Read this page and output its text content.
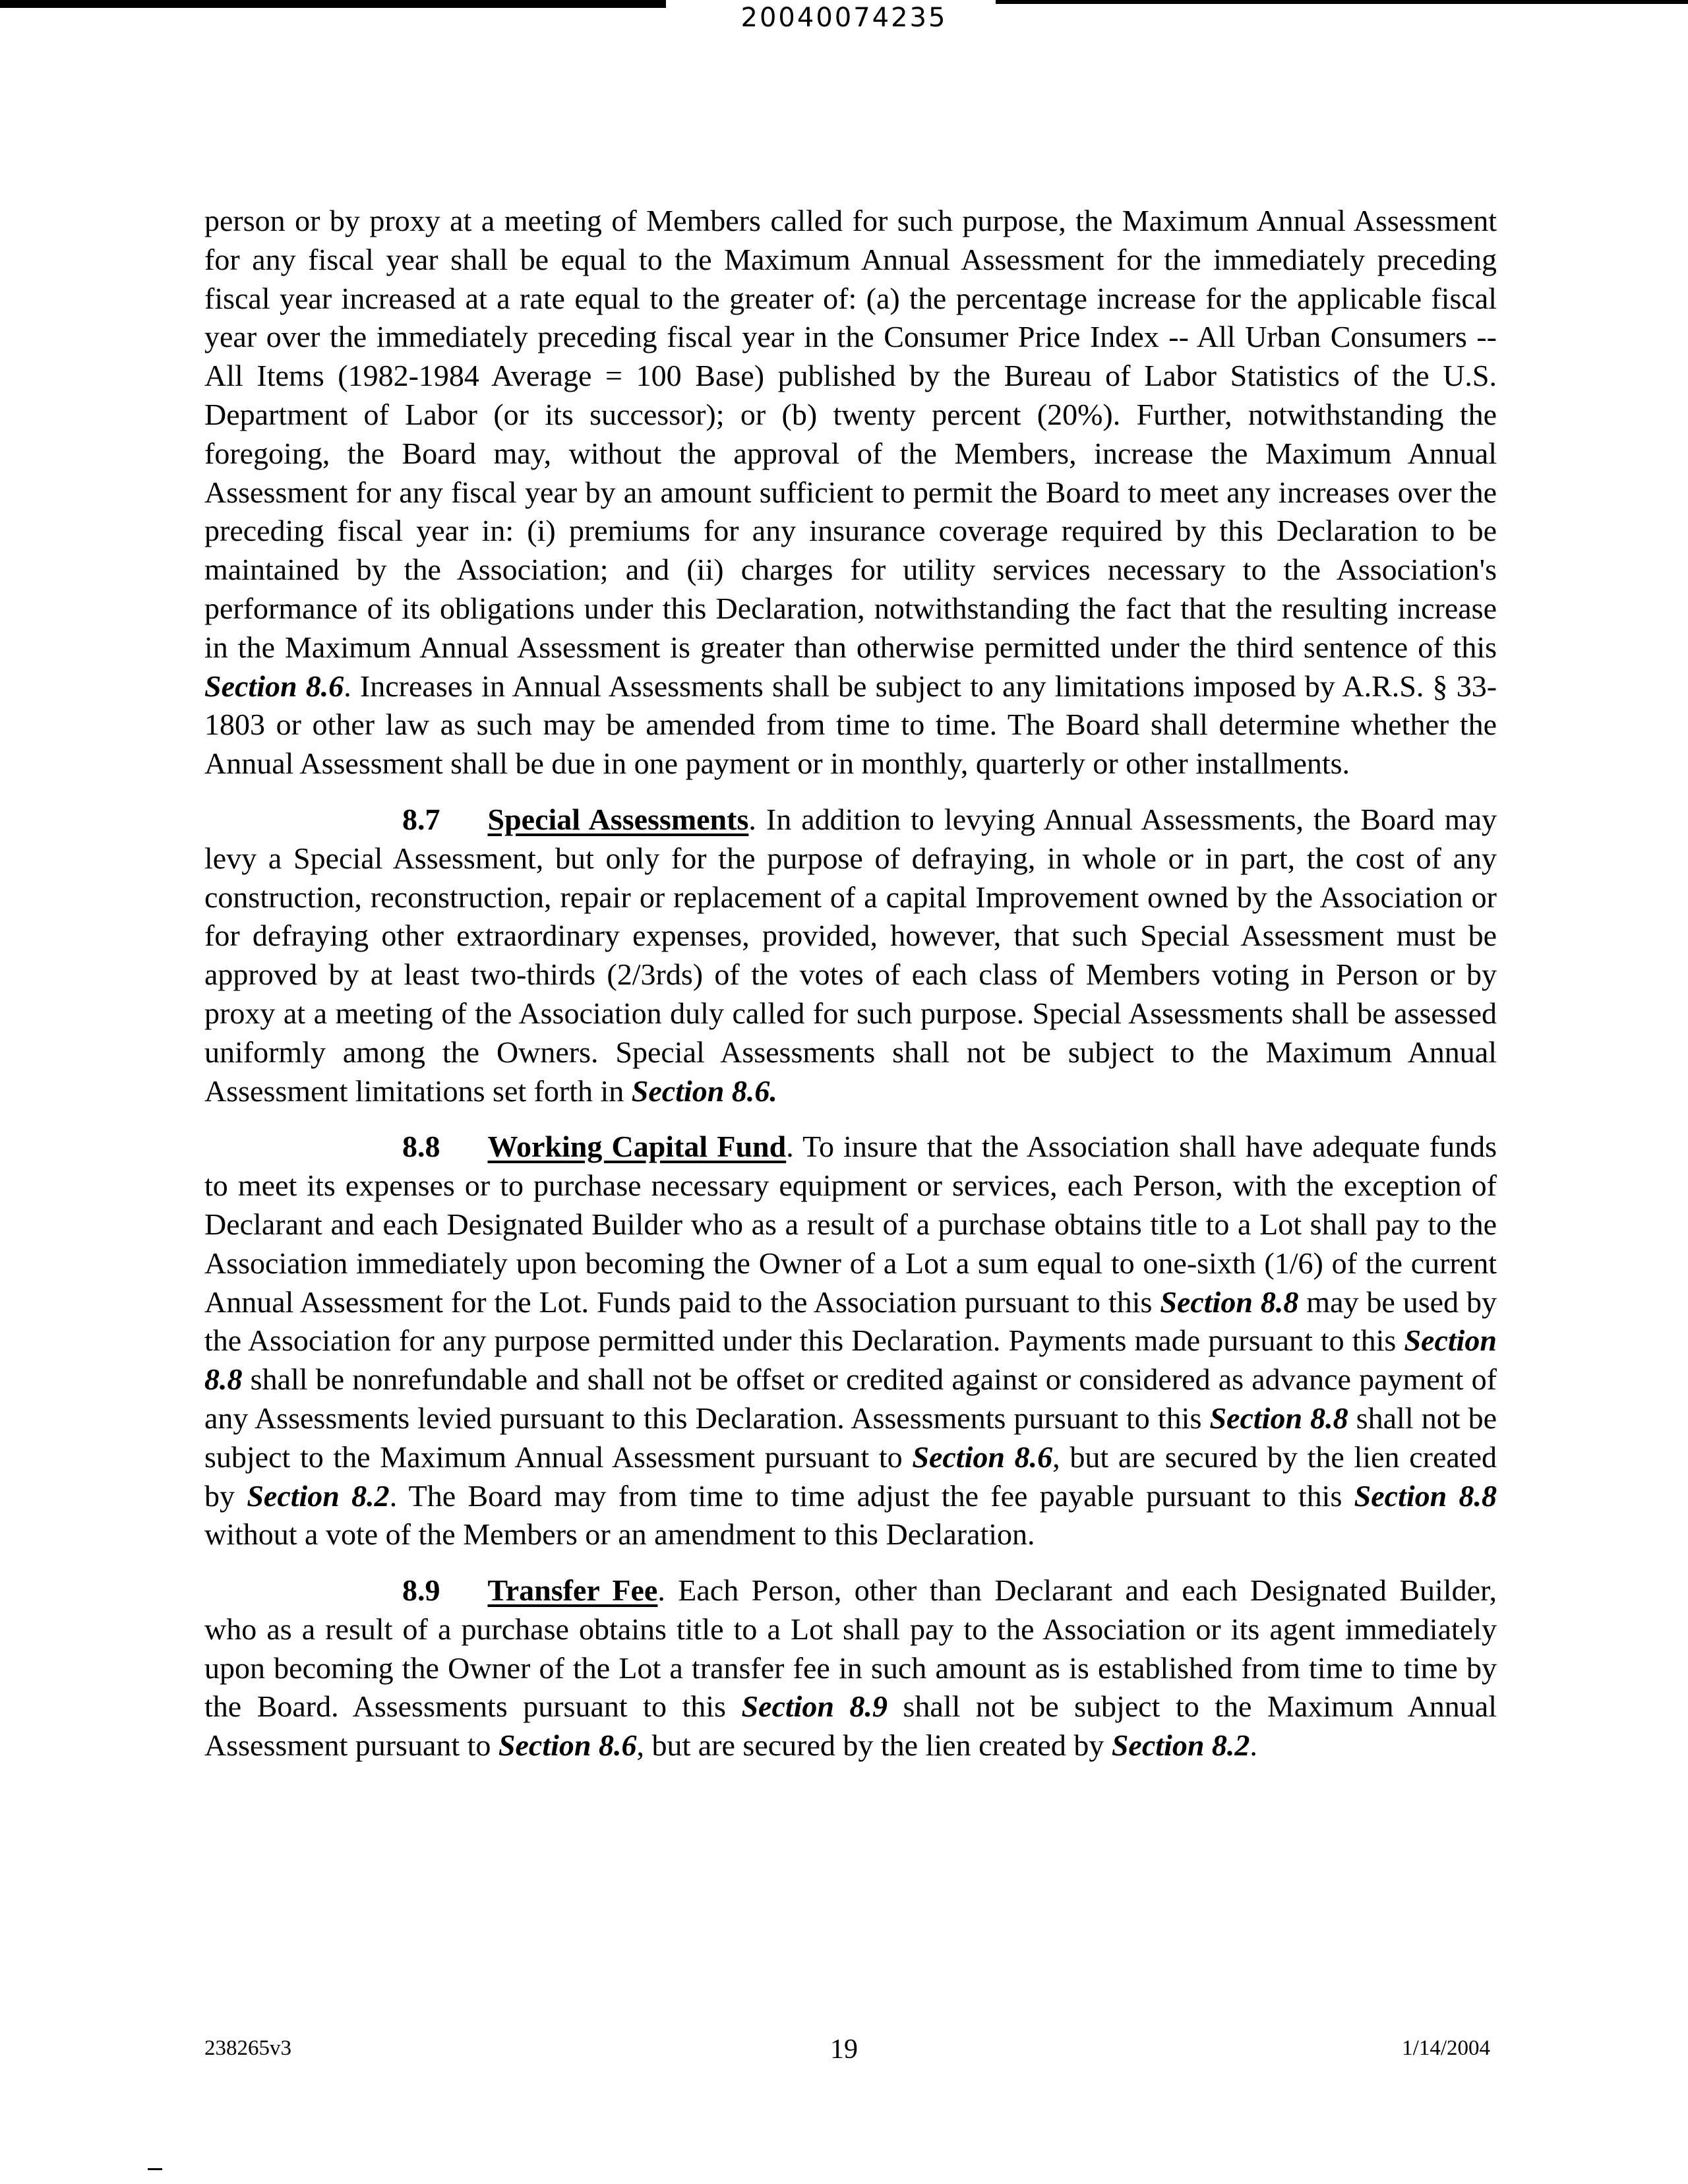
20040074235

person or by proxy at a meeting of Members called for such purpose, the Maximum Annual Assessment for any fiscal year shall be equal to the Maximum Annual Assessment for the immediately preceding fiscal year increased at a rate equal to the greater of: (a) the percentage increase for the applicable fiscal year over the immediately preceding fiscal year in the Consumer Price Index -- All Urban Consumers -- All Items (1982-1984 Average = 100 Base) published by the Bureau of Labor Statistics of the U.S. Department of Labor (or its successor); or (b) twenty percent (20%). Further, notwithstanding the foregoing, the Board may, without the approval of the Members, increase the Maximum Annual Assessment for any fiscal year by an amount sufficient to permit the Board to meet any increases over the preceding fiscal year in: (i) premiums for any insurance coverage required by this Declaration to be maintained by the Association; and (ii) charges for utility services necessary to the Association's performance of its obligations under this Declaration, notwithstanding the fact that the resulting increase in the Maximum Annual Assessment is greater than otherwise permitted under the third sentence of this Section 8.6. Increases in Annual Assessments shall be subject to any limitations imposed by A.R.S. § 33-1803 or other law as such may be amended from time to time. The Board shall determine whether the Annual Assessment shall be due in one payment or in monthly, quarterly or other installments.

8.7 Special Assessments. In addition to levying Annual Assessments, the Board may levy a Special Assessment, but only for the purpose of defraying, in whole or in part, the cost of any construction, reconstruction, repair or replacement of a capital Improvement owned by the Association or for defraying other extraordinary expenses, provided, however, that such Special Assessment must be approved by at least two-thirds (2/3rds) of the votes of each class of Members voting in Person or by proxy at a meeting of the Association duly called for such purpose. Special Assessments shall be assessed uniformly among the Owners. Special Assessments shall not be subject to the Maximum Annual Assessment limitations set forth in Section 8.6.

8.8 Working Capital Fund. To insure that the Association shall have adequate funds to meet its expenses or to purchase necessary equipment or services, each Person, with the exception of Declarant and each Designated Builder who as a result of a purchase obtains title to a Lot shall pay to the Association immediately upon becoming the Owner of a Lot a sum equal to one-sixth (1/6) of the current Annual Assessment for the Lot. Funds paid to the Association pursuant to this Section 8.8 may be used by the Association for any purpose permitted under this Declaration. Payments made pursuant to this Section 8.8 shall be nonrefundable and shall not be offset or credited against or considered as advance payment of any Assessments levied pursuant to this Declaration. Assessments pursuant to this Section 8.8 shall not be subject to the Maximum Annual Assessment pursuant to Section 8.6, but are secured by the lien created by Section 8.2. The Board may from time to time adjust the fee payable pursuant to this Section 8.8 without a vote of the Members or an amendment to this Declaration.

8.9 Transfer Fee. Each Person, other than Declarant and each Designated Builder, who as a result of a purchase obtains title to a Lot shall pay to the Association or its agent immediately upon becoming the Owner of the Lot a transfer fee in such amount as is established from time to time by the Board. Assessments pursuant to this Section 8.9 shall not be subject to the Maximum Annual Assessment pursuant to Section 8.6, but are secured by the lien created by Section 8.2.

238265v3	19	1/14/2004
